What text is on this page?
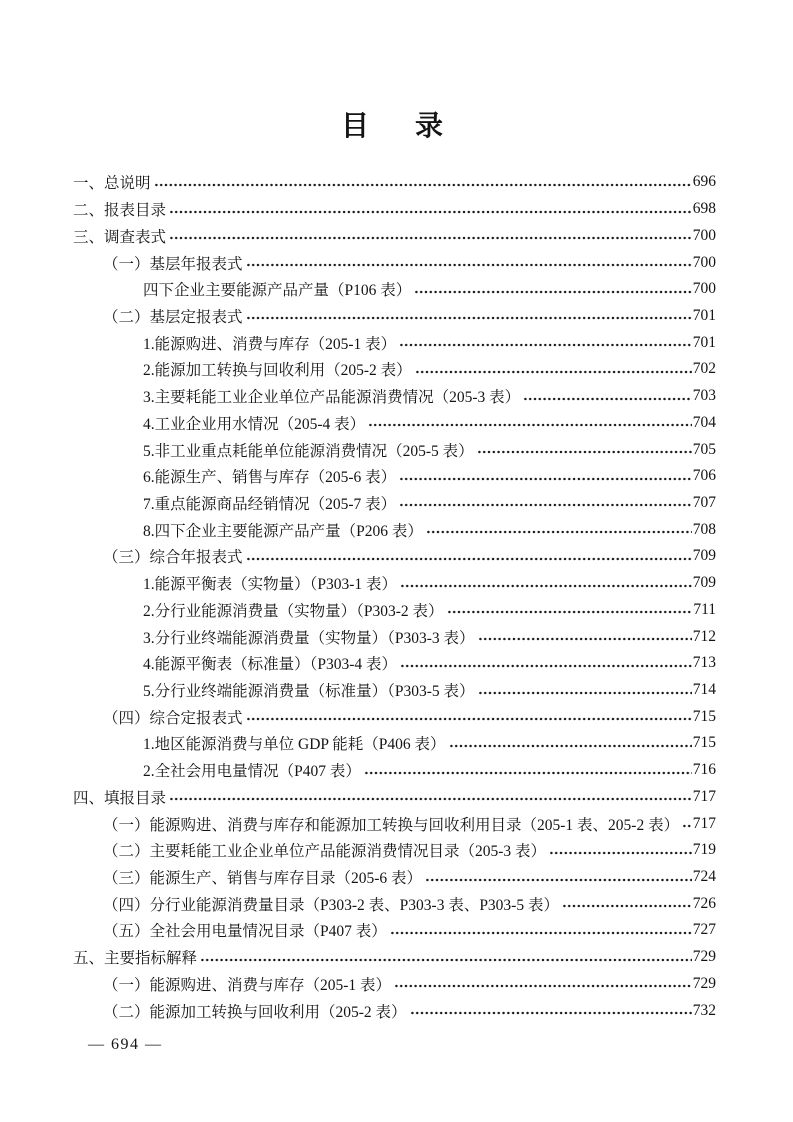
目　录
一、总说明	696
二、报表目录	698
三、调查表式	700
（一）基层年报表式	700
四下企业主要能源产品产量（P106 表）	700
（二）基层定报表式	701
1.能源购进、消费与库存（205-1 表）	701
2.能源加工转换与回收利用（205-2 表）	702
3.主要耗能工业企业单位产品能源消费情况（205-3 表）	703
4.工业企业用水情况（205-4 表）	704
5.非工业重点耗能单位能源消费情况（205-5 表）	705
6.能源生产、销售与库存（205-6 表）	706
7.重点能源商品经销情况（205-7 表）	707
8.四下企业主要能源产品产量（P206 表）	708
（三）综合年报表式	709
1.能源平衡表（实物量）（P303-1 表）	709
2.分行业能源消费量（实物量）（P303-2 表）	711
3.分行业终端能源消费量（实物量）（P303-3 表）	712
4.能源平衡表（标准量）（P303-4 表）	713
5.分行业终端能源消费量（标准量）（P303-5 表）	714
（四）综合定报表式	715
1.地区能源消费与单位 GDP 能耗（P406 表）	715
2.全社会用电量情况（P407 表）	716
四、填报目录	717
（一）能源购进、消费与库存和能源加工转换与回收利用目录（205-1 表、205-2 表） 717
（二）主要耗能工业企业单位产品能源消费情况目录（205-3 表）	719
（三）能源生产、销售与库存目录（205-6 表）	724
（四）分行业能源消费量目录（P303-2 表、P303-3 表、P303-5 表）	726
（五）全社会用电量情况目录（P407 表）	727
五、主要指标解释	729
（一）能源购进、消费与库存（205-1 表）	729
（二）能源加工转换与回收利用（205-2 表）	732
— 694 —
